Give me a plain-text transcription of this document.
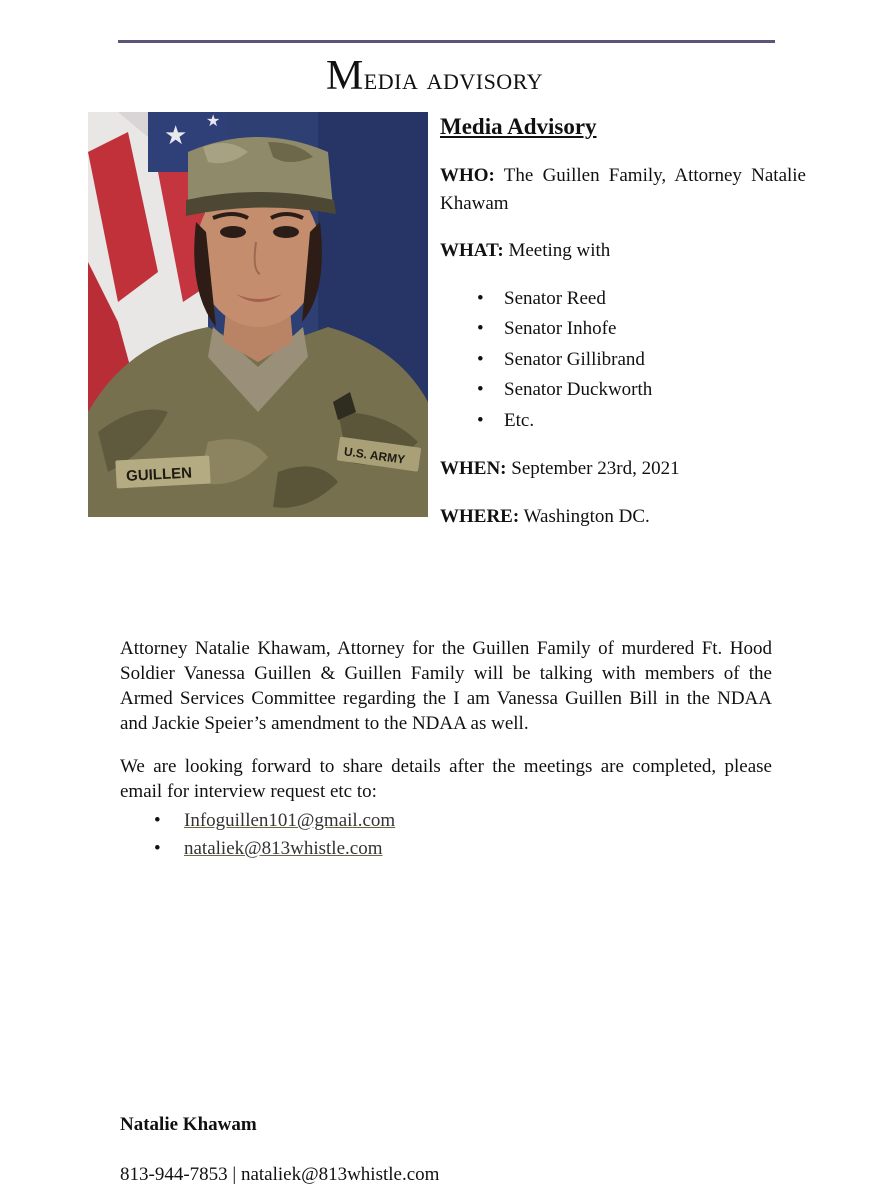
Media advisory
★
★
GUILLEN
U.S. ARMY
Media Advisory
WHO: The Guillen Family, Attorney Natalie Khawam
WHAT: Meeting with
• Senator Reed
• Senator Inhofe
• Senator Gillibrand
• Senator Duckworth
• Etc.
WHEN: September 23rd, 2021
WHERE: Washington DC.

Attorney Natalie Khawam, Attorney for the Guillen Family of murdered Ft. Hood Soldier Vanessa Guillen & Guillen Family will be talking with members of the Armed Services Committee regarding the I am Vanessa Guillen Bill in the NDAA and Jackie Speier’s amendment to the NDAA as well.

We are looking forward to share details after the meetings are completed, please email for interview request etc to:

• Infoguillen101@gmail.com
• nataliek@813whistle.com
Natalie Khawam
813-944-7853 | nataliek@813whistle.com
